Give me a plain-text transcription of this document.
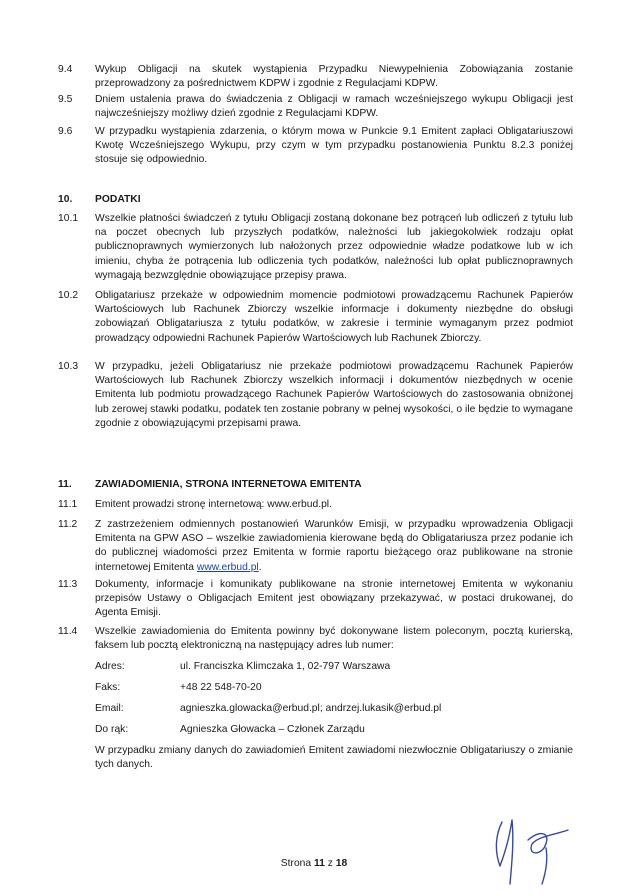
9.4	Wykup Obligacji na skutek wystąpienia Przypadku Niewypełnienia Zobowiązania zostanie przeprowadzony za pośrednictwem KDPW i zgodnie z Regulacjami KDPW.
9.5	Dniem ustalenia prawa do świadczenia z Obligacji w ramach wcześniejszego wykupu Obligacji jest najwcześniejszy możliwy dzień zgodnie z Regulacjami KDPW.
9.6	W przypadku wystąpienia zdarzenia, o którym mowa w Punkcie 9.1 Emitent zapłaci Obligatariuszowi Kwotę Wcześniejszego Wykupu, przy czym w tym przypadku postanowienia Punktu 8.2.3 poniżej stosuje się odpowiednio.
10.	PODATKI
10.1	Wszelkie płatności świadczeń z tytułu Obligacji zostaną dokonane bez potrąceń lub odliczeń z tytułu lub na poczet obecnych lub przyszłych podatków, należności lub jakiegokolwiek rodzaju opłat publicznoprawnych wymierzonych lub nałożonych przez odpowiednie władze podatkowe lub w ich imieniu, chyba że potrącenia lub odliczenia tych podatków, należności lub opłat publicznoprawnych wymagają bezwzględnie obowiązujące przepisy prawa.
10.2	Obligatariusz przekaże w odpowiednim momencie podmiotowi prowadzącemu Rachunek Papierów Wartościowych lub Rachunek Zbiorczy wszelkie informacje i dokumenty niezbędne do obsługi zobowiązań Obligatariusza z tytułu podatków, w zakresie i terminie wymaganym przez podmiot prowadzący odpowiedni Rachunek Papierów Wartościowych lub Rachunek Zbiorczy.
10.3	W przypadku, jeżeli Obligatariusz nie przekaże podmiotowi prowadzącemu Rachunek Papierów Wartościowych lub Rachunek Zbiorczy wszelkich informacji i dokumentów niezbędnych w ocenie Emitenta lub podmiotu prowadzącego Rachunek Papierów Wartościowych do zastosowania obniżonej lub zerowej stawki podatku, podatek ten zostanie pobrany w pełnej wysokości, o ile będzie to wymagane zgodnie z obowiązującymi przepisami prawa.
11.	ZAWIADOMIENIA, STRONA INTERNETOWA EMITENTA
11.1	Emitent prowadzi stronę internetową: www.erbud.pl.
11.2	Z zastrzeżeniem odmiennych postanowień Warunków Emisji, w przypadku wprowadzenia Obligacji Emitenta na GPW ASO – wszelkie zawiadomienia kierowane będą do Obligatariusza przez podanie ich do publicznej wiadomości przez Emitenta w formie raportu bieżącego oraz publikowane na stronie internetowej Emitenta www.erbud.pl.
11.3	Dokumenty, informacje i komunikaty publikowane na stronie internetowej Emitenta w wykonaniu przepisów Ustawy o Obligacjach Emitent jest obowiązany przekazywać, w postaci drukowanej, do Agenta Emisji.
11.4	Wszelkie zawiadomienia do Emitenta powinny być dokonywane listem poleconym, pocztą kurierską, faksem lub pocztą elektroniczną na następujący adres lub numer:
Adres:	ul. Franciszka Klimczaka 1, 02-797 Warszawa
Faks:	+48 22 548-70-20
Email:	agnieszka.glowacka@erbud.pl; andrzej.lukasik@erbud.pl
Do rąk:	Agnieszka Głowacka – Członek Zarządu
W przypadku zmiany danych do zawiadomień Emitent zawiadomi niezwłocznie Obligatariuszy o zmianie tych danych.
Strona 11 z 18
